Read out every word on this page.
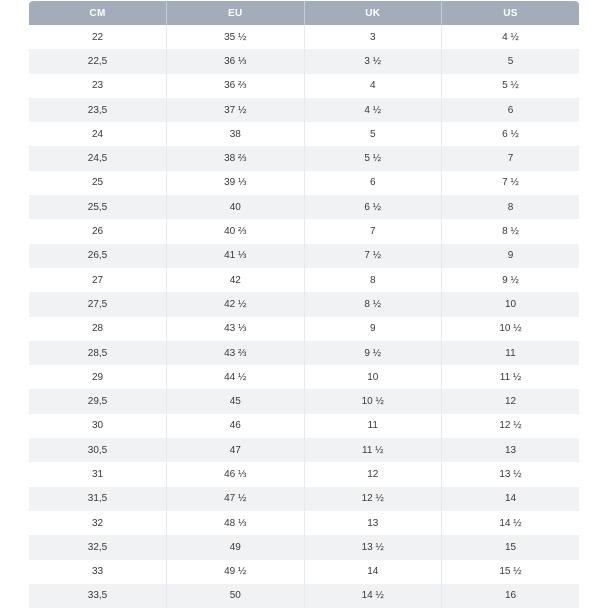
CM	EU	UK	US
22	35 ½	3	4 ½
22,5	36 ⅓	3 ½	5
23	36 ⅔	4	5 ½
23,5	37 ½	4 ½	6
24	38	5	6 ½
24,5	38 ⅔	5 ½	7
25	39 ⅓	6	7 ½
25,5	40	6 ½	8
26	40 ⅔	7	8 ½
26,5	41 ⅓	7 ½	9
27	42	8	9 ½
27,5	42 ½	8 ½	10
28	43 ⅓	9	10 ½
28,5	43 ⅔	9 ½	11
29	44 ½	10	11 ½
29,5	45	10 ½	12
30	46	11	12 ½
30,5	47	11 ½	13
31	46 ⅓	12	13 ½
31,5	47 ½	12 ½	14
32	48 ⅓	13	14 ½
32,5	49	13 ½	15
33	49 ½	14	15 ½
33,5	50	14 ½	16
